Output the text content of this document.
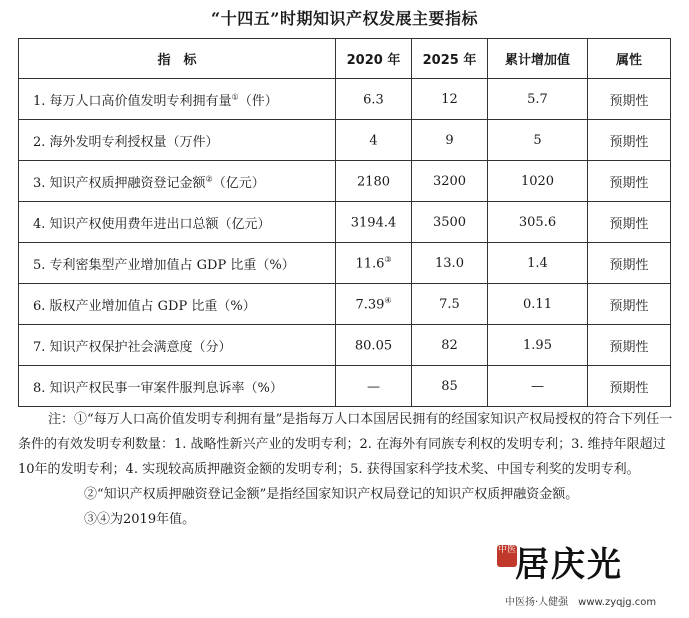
“十四五”时期知识产权发展主要指标
指　标	2020 年	2025 年	累计增加值	属性
1. 每万人口高价值发明专利拥有量①（件）	6.3	12	5.7	预期性
2. 海外发明专利授权量（万件）	4	9	5	预期性
3. 知识产权质押融资登记金额②（亿元）	2180	3200	1020	预期性
4. 知识产权使用费年进出口总额（亿元）	3194.4	3500	305.6	预期性
5. 专利密集型产业增加值占 GDP 比重（%）	11.6③	13.0	1.4	预期性
6. 版权产业增加值占 GDP 比重（%）	7.39④	7.5	0.11	预期性
7. 知识产权保护社会满意度（分）	80.05	82	1.95	预期性
8. 知识产权民事一审案件服判息诉率（%）	—	85	—	预期性

注：①“每万人口高价值发明专利拥有量”是指每万人口本国居民拥有的经国家知识产权局授权的符合下列任一条件的有效发明专利数量：1. 战略性新兴产业的发明专利；2. 在海外有同族专利权的发明专利；3. 维持年限超过10年的发明专利；4. 实现较高质押融资金额的发明专利；5. 获得国家科学技术奖、中国专利奖的发明专利。

②“知识产权质押融资登记金额”是指经国家知识产权局登记的知识产权质押融资金额。

③④为2019年值。

中医 居庆光
中医扬·人健强　www.zyqjg.com
